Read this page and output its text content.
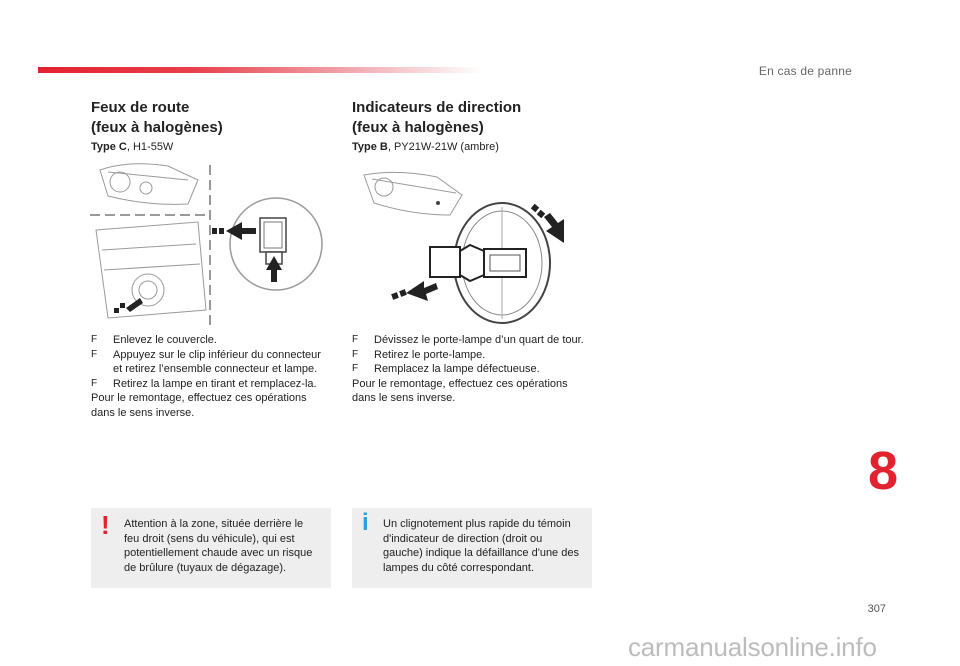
En cas de panne

Feux de route

(feux à halogènes)

Type C, H1-55W
F	Enlevez le couvercle.
F	Appuyez sur le clip inférieur du connecteur
et retirez l’ensemble connecteur et lampe.
F	Retirez la lampe en tirant et remplacez-la.
Pour le remontage, effectuez ces opérations
dans le sens inverse.
! Attention à la zone, située derrière le
feu droit (sens du véhicule), qui est
potentiellement chaude avec un risque
de brûlure (tuyaux de dégazage).

Indicateurs de direction

(feux à halogènes)

Type B, PY21W-21W (ambre)
F	Dévissez le porte-lampe d’un quart de tour.
F	Retirez le porte-lampe.
F	Remplacez la lampe défectueuse.
Pour le remontage, effectuez ces opérations
dans le sens inverse.
i Un clignotement plus rapide du témoin
d'indicateur de direction (droit ou
gauche) indique la défaillance d'une des
lampes du côté correspondant.
8
307
carmanualsonline.info
